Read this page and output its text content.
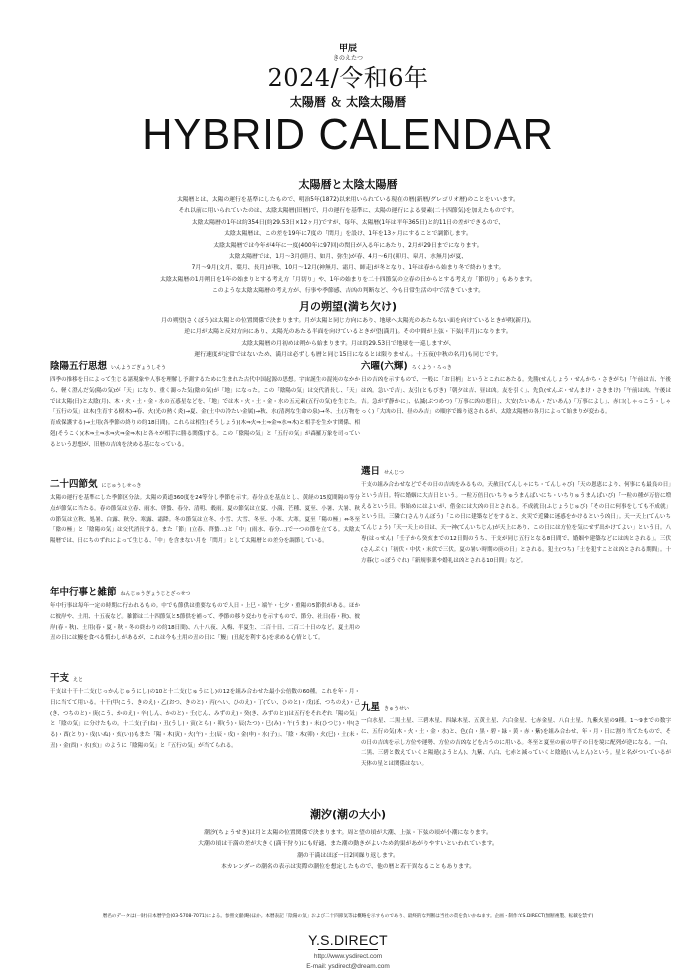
甲辰
きのえたつ
2024/令和6年
太陽暦 ＆ 太陰太陽暦
HYBRID CALENDAR
太陽暦と太陰太陽暦
太陽暦とは、太陽の運行を基準にしたもので、明治5年(1872)以来用いられている現在の暦(新暦/グレゴリオ暦)のことをいいます。
それ以前に用いられていたのは、太陰太陽暦(旧暦)で、月の運行を基準に、太陽の運行による要素(二十四節気)を加えたものです。
太陰太陽暦の1年は約354日(約29.53日×12ヶ月)ですが、毎年、太陽暦(1年は平年365日)と約11日の差ができるので、
太陰太陽暦は、この差を19年に7度の「閏月」を設け、1年を13ヶ月にすることで調節します。
太陰太陽暦では今年が4年に一度(400年に97回)の閏日が入る年にあたり、2月が29日までになります。
太陰太陽暦では、1月～3月(睦月、如月、弥生)が春、4月～6月(卯月、皐月、水無月)が夏、
7月～9月(文月、葉月、長月)が秋、10月～12月(神無月、霜月、師走)が冬となり、1年は春から始まり冬で終わります。
太陰太陽暦の1月朔日を1年の始まりとする考え方「月切り」や、1年の始まりを二十四節気の立春の日からとする考え方「節切り」もあります。
このような太陰太陽暦の考え方が、行事や季節感、吉凶の判断など、今も日常生活の中で活きています。
月の朔望(満ち欠け)
月の朔望(さくぼう)は太陽との位置関係で決まります。月が太陽と同じ方向にあり、地球へ太陽光のあたらない面を向けているときが朔(新月)。
逆に月が太陽と反対方向にあり、太陽光のあたる半面を向けているときが望(満月)。その中間が上弦・下弦(半月)になります。
太陰太陽暦の月初めは朔から始まります。月は約29.53日で地球を一巡しますが、
運行速度が定常ではないため、満月は必ずしも暦と同じ15日になるとは限りません。十五夜(中秋の名月)も同じです。
陰陽五行思想 いんようごぎょうしそう
四季の推移を日によって生じる諸現象や人事を理解し予測するために生まれた古代中国起源の思想。宇宙誕生の混沌のなかから、軽く澄んだ気(陽の気)が「天」になり、重く濁った気(陰の気)が「地」になった。この「陰陽の気」は交代消長し、「天」では太陽(日)と太陰(月)、木・火・土・金・水の五惑星などを、「地」では木・火・土・金・水の五元素(五行の気)を生じた。「五行の気」は木(生育する樹木)→春、火(光の熱く炎)→夏、金(土中の冷たい金属)→秋、水(清冽な生命の泉)→冬、土(万物を育成保護する)→土用(各季節の終りの約18日間)。これらは相生(そうしょう)(木⇒火⇒土⇒金⇒水⇒木)と相手を生かす関係、相剋(そうこく)(木⇒土⇒水⇒火⇒金⇒木)と各々が相手に勝る関係)する。この「陰陽の気」と「五行の気」が森羅万象を司っているという思想が、旧暦の吉凶を決める基になっている。
二十四節気 にじゅうしせっき
太陽の運行を基準にした季節区分法。太陽の黄道360度を24等分し季節を示す。春分点を基点とし、黄経の15度間隔の等分点が節気に当たる。春の節気は立春、雨水、啓蟄、春分、清明、穀雨。夏の節気は立夏、小満、芒種、夏至、小暑、大暑、秋の節気は立秋、処暑、白露、秋分、寒露、霜降。冬の節気は立冬、小雪、大雪、冬至、小寒、大寒。夏至「陽の極」⇔冬至「陰の極」と「陰陽の気」は交代消長する。また「節」(立春、啓蟄…)と「中」(雨水、春分…)で一つの節を立てる。太陰太陽暦では、日にちのずれによって生じる、「中」を含まない月を「閏月」として太陽暦との差分を調節している。
年中行事と雑節 ねんじゅうぎょうじとざっせつ
年中行事は毎年一定の時期に行われるもの。中でも節供は重要なもので人日・上巳・端午・七夕・重陽の5節供がある。ほかに彼岸や、土用、十五夜など。雑節は二十四節気と5節供を補って、季節の移り変わりを示すもので、節分、社日(春・秋)、彼岸(春・秋)、土用(春・夏・秋・冬の終わりの約18日間)、八十八夜、入梅、半夏生、二百十日、二百二十日のなど。夏土用の丑の日には鰻を食べる慣わしがあるが、これは今も土用の丑の日に「鰻」(丑紀を利する)を求める心情として。
干支 えと
干支は十干十二支(じっかんじゅうにし)の10と十二支(じゅうにし)の12を組み合わせた最小公倍数の60種。これを年・月・日に当てて用いる。十干(甲(こう、きのえ)・乙(おつ、きのと)・丙(へい、ひのえ)・丁(てい、ひのと)・戊(ぼ、つちのえ)・己(き、つちのと)・庚(こう、かのえ)・辛(しん、かのと)・壬(じん、みずのえ)・癸(き、みずのと))は五行をそれぞれ「陽の気」と「陰の気」に分けたもの。十二支(子(ね)・丑(うし)・寅(とら)・卯(う)・辰(たつ)・巳(み)・午(うま)・未(ひつじ)・申(さる)・酉(とり)・戌(いぬ)・亥(い))もまた「陽・木(寅)・火(午)・土(辰・戌)・金(申)・水(子)」、「陰・木(卯)・火(巳)・土(未・丑)・金(酉)・水(亥)」のように「陰陽の気」と「五行の気」が当てられる。
六曜(六輝) ろくよう・ろっき
日の吉凶を示すもので、一般に「お日柄」というとこれにあたる。先勝(せんしょう・せんかち・さきがち)「午前は吉、午後は凶。急いで吉」、友引(ともびき)「朝夕は吉、昼は凶。友を引く」、先負(せんぶ・せんまけ・さきまけ)「午前は凶、午後は吉。急がず静かに」、仏滅(ぶつめつ)「万事に凶の悪日」、大安(たいあん・だいあん)「万事によし」、赤口(しゃっこう・しゃっく)「大凶の日、昼のみ吉」の順序で繰り返されるが、太陰太陽暦の各月によって始まりが変わる。
選日 せんじつ
干支の組み合わせなどでその日の吉凶をみるもの。天赦日(てんしゃにち・てんしゃび)「天の恩恵により、何事にも最良の日」という吉日。特に婚姻に大吉日という。一粒万倍日(いちりゅうまんばいにち・いちりゅうまんばいび)「一粒の種が万倍に増えるという日。事始めにはよいが、借金には大凶の日とされる。不成就日(ふじょうじゅび)「その日に何事をしても不成就」という日。三隣亡(さんりんぼう)「この日に建築などをすると、火災で近隣に迷惑をかけるという凶日」。天一天上(てんいちてんじょう)「天一天上の日は、天一神(てんいちじん)が天上にあり、この日には方位を気にせず出かけてよい」という日。八専(はっせん)「壬子から癸亥までの12日間のうち、干支が同じ五行となる8日間で、婚姻や建築などには凶とされる」。三伏(さんぷく)「初伏・中伏・末伏で三伏。夏の暑い時期の庚の日」とされる。犯土(つち)「土を犯すことは凶とされる期間」。十方暮(じっぽうぐれ)「新規事業や婚礼は凶とされる10日間」など。
九星 きゅうせい
一白水星、二黒土星、三碧木星、四緑木星、五黄土星、六白金星、七赤金星、八白土星、九紫火星の9種。1～9までの数字に、五行の気(木・火・土・金・水)と、色(白・黒・碧・緑・黄・赤・紫)を組み合わせ、年・月・日に割り当てたもので、その日の吉凶を示し方位や運勢、方位の吉凶などを占うのに用いる。冬至と夏至の前の甲子の日を境に配列が逆になる。一白、二黒、三碧と数えていくと陽遁(ようとん)、九紫、八白、七赤と減っていくと陰遁(いんとん)という。星と名がついているが天体の星とは関係はない。
潮汐(潮の大小)
潮汐(ちょうせき)は月と太陽の位置関係で決まります。周と望の頃が大潮、上弦・下弦の頃が小潮になります。
大潮の頃は干満の差が大きく(満干狩り)にも好適、また潮の動きがよいため釣果があがりやすいといわれています。
潮の干満はほぼ一日2回繰り返します。
本カレンダーの潮名の表示は実際の潮位を想定したもので、他の暦と若干異なることもあります。
暦名のデータは(一財)日本暦学会(03-5708-7071)による。参照文献(略)ほか。本暦表記「陰陽の気」および二十四節気等は概略を示すものであり、最終的な判断は当社の責を負いかねます。企画・制作:Y.S.DIRECT(無断複製、転載を禁ず)
Y.S.DIRECT
http://www.ysdirect.com
E-mail: ysdirect@dream.com
